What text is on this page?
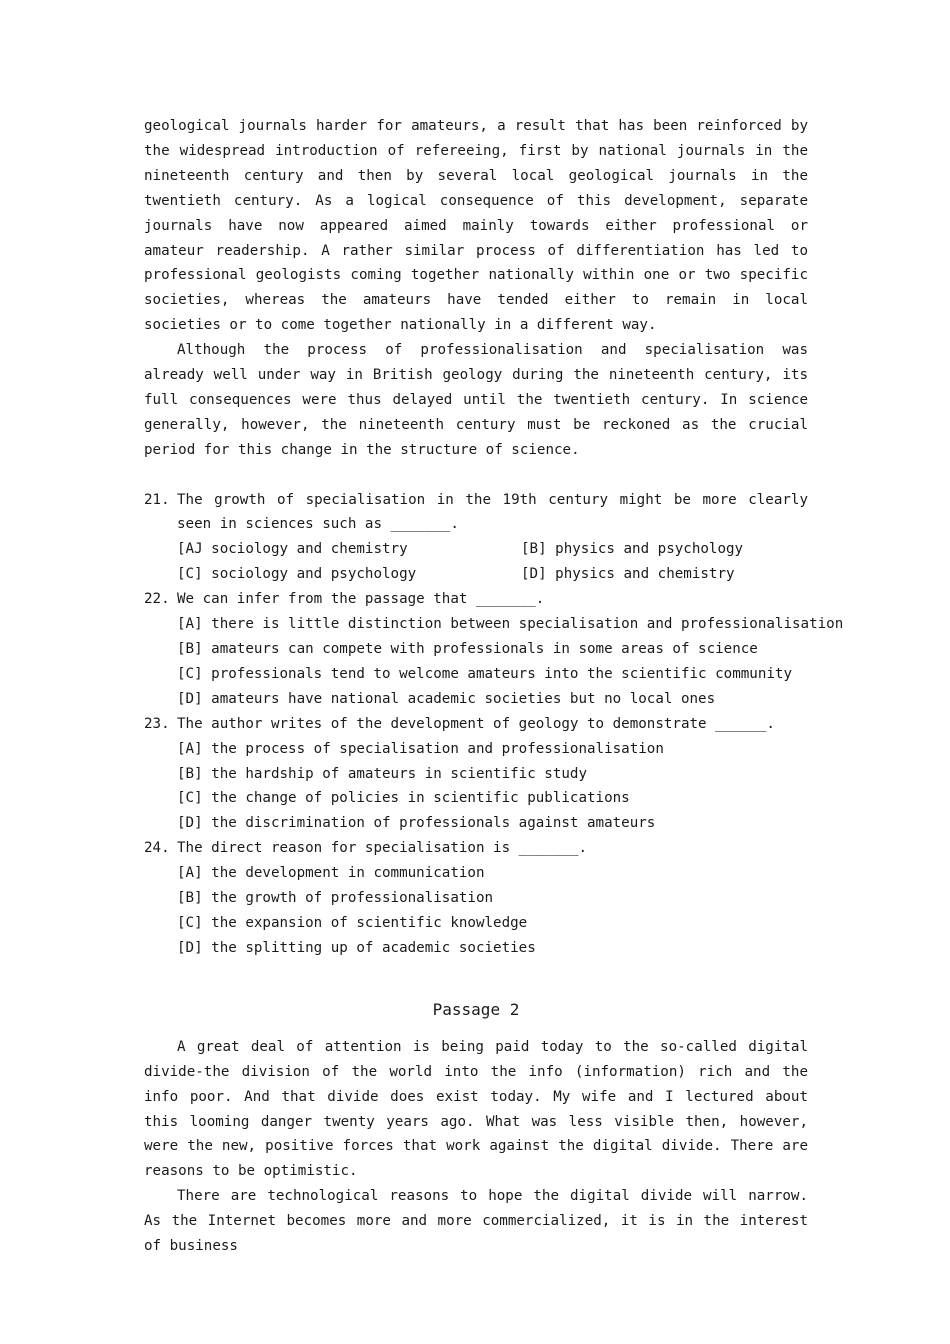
geological journals harder for amateurs, a result that has been reinforced by the widespread introduction of refereeing, first by national journals in the nineteenth century and then by several local geological journals in the twentieth century. As a logical consequence of this development, separate journals have now appeared aimed mainly towards either professional or amateur readership. A rather similar process of differentiation has led to professional geologists coming together nationally within one or two specific societies, whereas the amateurs have tended either to remain in local societies or to come together nationally in a different way.

Although the process of professionalisation and specialisation was already well under way in British geology during the nineteenth century, its full consequences were thus delayed until the twentieth century. In science generally, however, the nineteenth century must be reckoned as the crucial period for this change in the structure of science.

21. The growth of specialisation in the 19th century might be more clearly seen in sciences such as _______.
[AJ sociology and chemistry	[B] physics and psychology
[C] sociology and psychology	[D] physics and chemistry
22. We can infer from the passage that _______.
[A] there is little distinction between specialisation and professionalisation
[B] amateurs can compete with professionals in some areas of science
[C] professionals tend to welcome amateurs into the scientific community
[D] amateurs have national academic societies but no local ones
23. The author writes of the development of geology to demonstrate ______.
[A] the process of specialisation and professionalisation
[B] the hardship of amateurs in scientific study
[C] the change of policies in scientific publications
[D] the discrimination of professionals against amateurs
24. The direct reason for specialisation is _______.
[A] the development in communication
[B] the growth of professionalisation
[C] the expansion of scientific knowledge
[D] the splitting up of academic societies
Passage 2

A great deal of attention is being paid today to the so-called digital divide-the division of the world into the info (information) rich and the info poor. And that divide does exist today. My wife and I lectured about this looming danger twenty years ago. What was less visible then, however, were the new, positive forces that work against the digital divide. There are reasons to be optimistic.

There are technological reasons to hope the digital divide will narrow. As the Internet becomes more and more commercialized, it is in the interest of business
